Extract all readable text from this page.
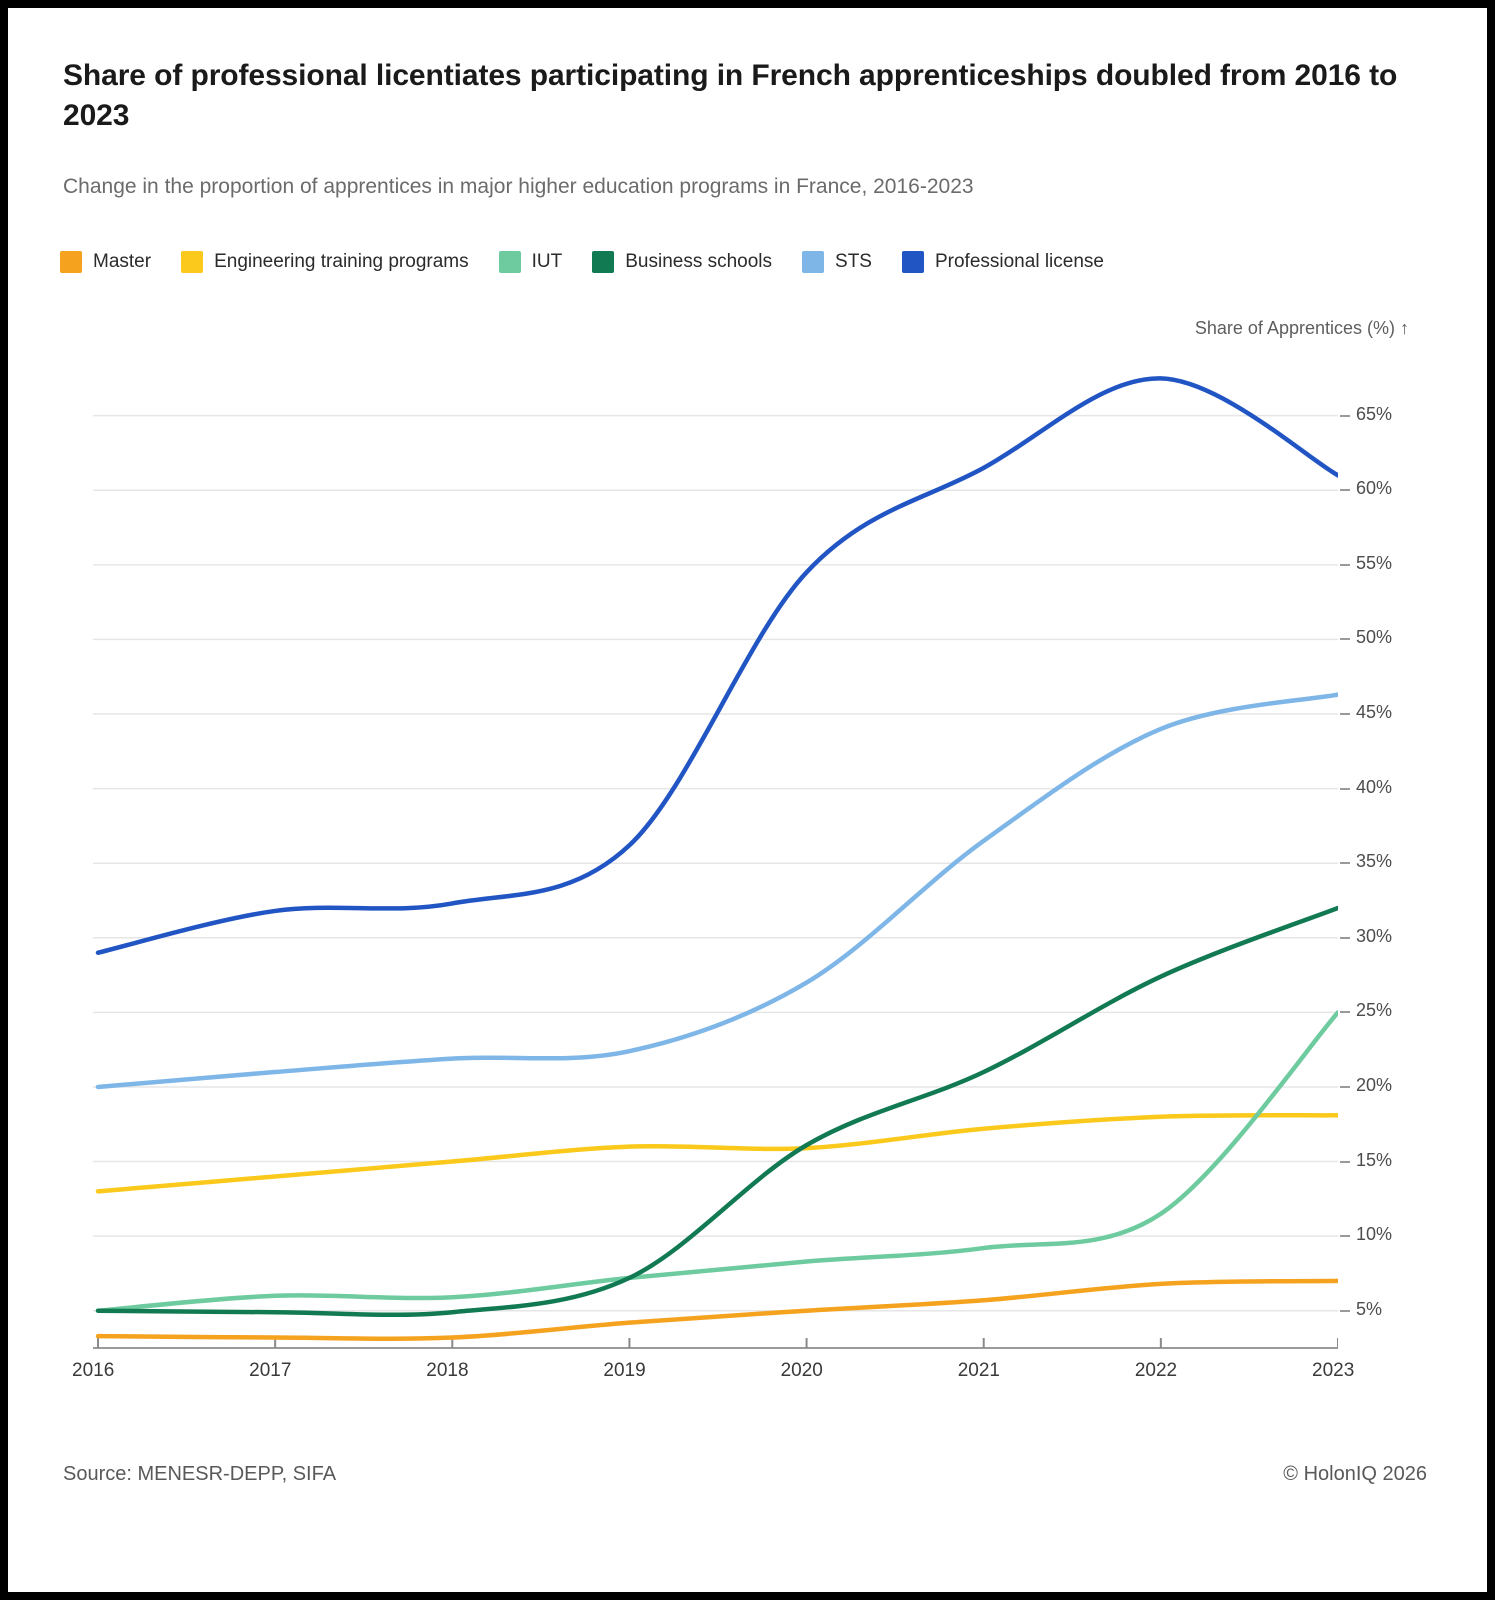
Share of professional licentiates participating in French apprenticeships doubled from 2016 to 2023
Change in the proportion of apprentices in major higher education programs in France, 2016-2023
Master	Engineering training programs	IUT	Business schools	STS	Professional license
Share of Apprentices (%) ↑
5%
10%
15%
20%
25%
30%
35%
40%
45%
50%
55%
60%
65%
2016	2017	2018	2019	2020	2021	2022	2023
Source: MENESR-DEPP, SIFA	© HolonIQ 2026
